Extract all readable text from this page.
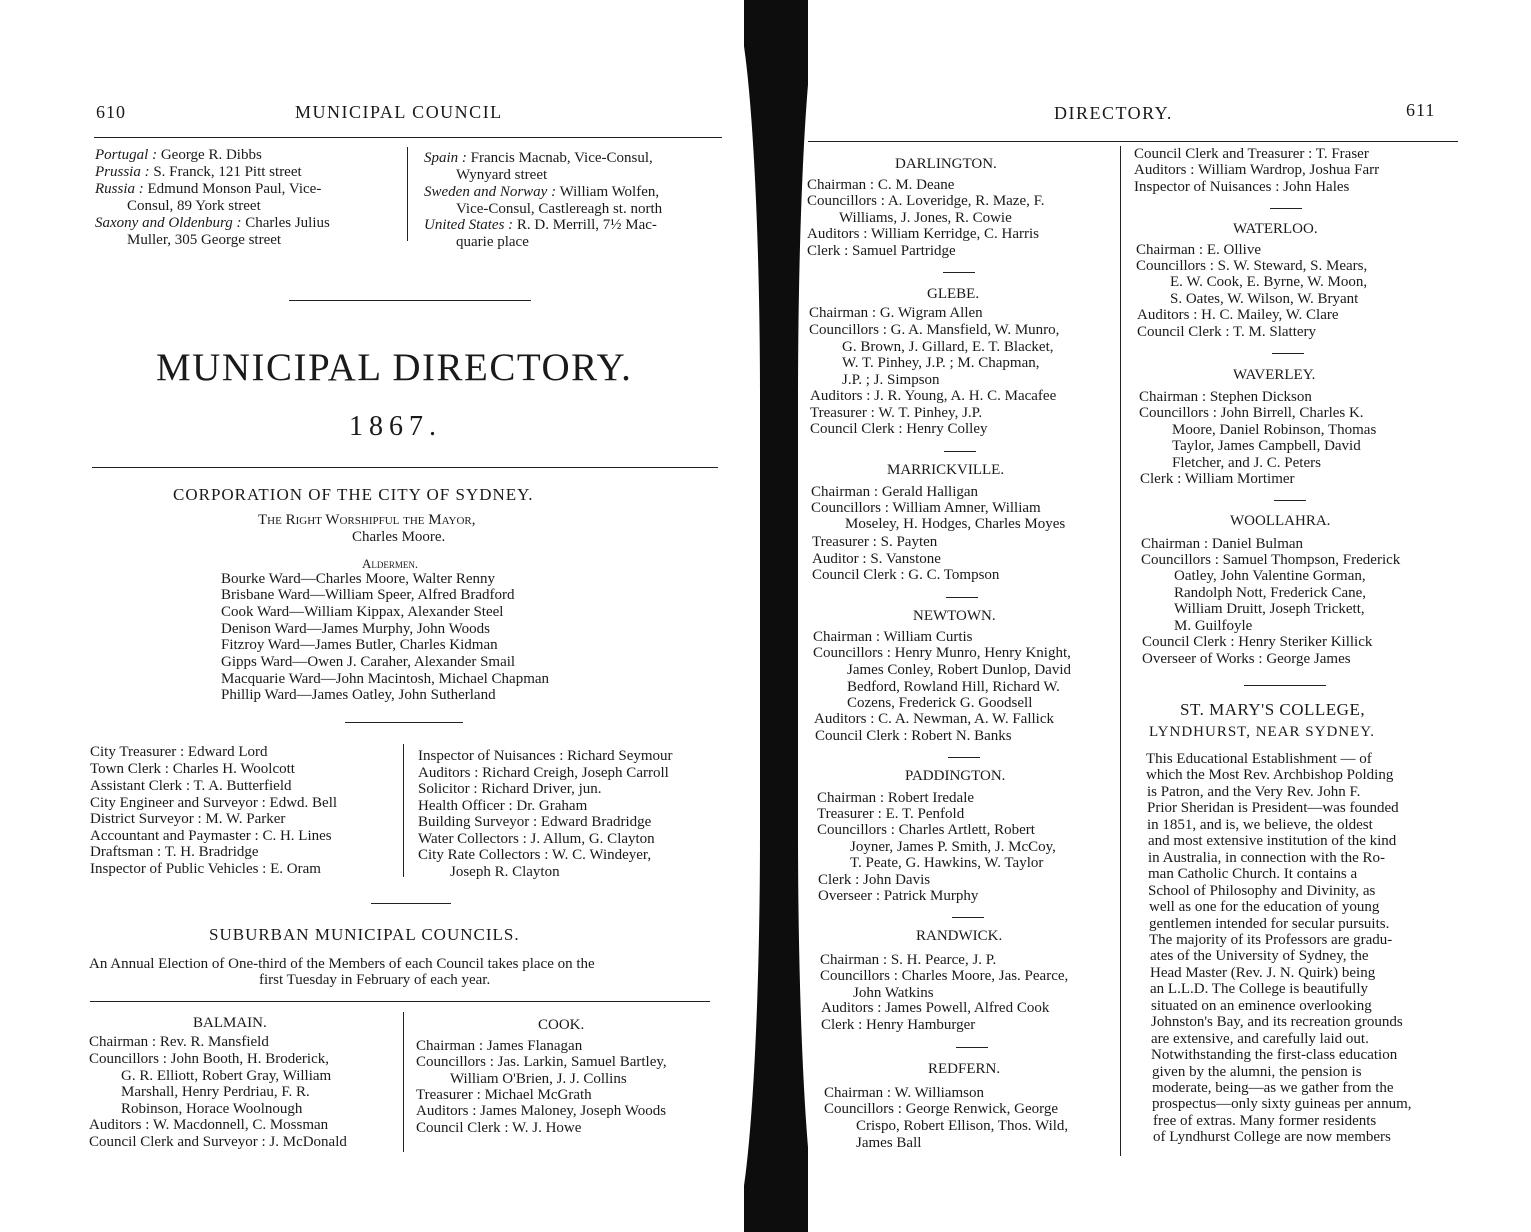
610	MUNICIPAL COUNCIL
Portugal : George R. Dibbs
Prussia : S. Franck, 121 Pitt street
Russia : Edmund Monson Paul, Vice-
Consul, 89 York street
Saxony and Oldenburg : Charles Julius
Muller, 305 George street
Spain : Francis Macnab, Vice-Consul,
Wynyard street
Sweden and Norway : William Wolfen,
Vice-Consul, Castlereagh st. north
United States : R. D. Merrill, 7½ Mac-
quarie place
MUNICIPAL DIRECTORY.
1867.
CORPORATION OF THE CITY OF SYDNEY.
The Right Worshipful the Mayor,
Charles Moore.
Aldermen.
Bourke Ward—Charles Moore, Walter Renny
Brisbane Ward—William Speer, Alfred Bradford
Cook Ward—William Kippax, Alexander Steel
Denison Ward—James Murphy, John Woods
Fitzroy Ward—James Butler, Charles Kidman
Gipps Ward—Owen J. Caraher, Alexander Smail
Macquarie Ward—John Macintosh, Michael Chapman
Phillip Ward—James Oatley, John Sutherland
City Treasurer : Edward Lord
Town Clerk : Charles H. Woolcott
Assistant Clerk : T. A. Butterfield
City Engineer and Surveyor : Edwd. Bell
District Surveyor : M. W. Parker
Accountant and Paymaster : C. H. Lines
Draftsman : T. H. Bradridge
Inspector of Public Vehicles : E. Oram
Inspector of Nuisances : Richard Seymour
Auditors : Richard Creigh, Joseph Carroll
Solicitor : Richard Driver, jun.
Health Officer : Dr. Graham
Building Surveyor : Edward Bradridge
Water Collectors : J. Allum, G. Clayton
City Rate Collectors : W. C. Windeyer,
Joseph R. Clayton
SUBURBAN MUNICIPAL COUNCILS.
An Annual Election of One-third of the Members of each Council takes place on the
first Tuesday in February of each year.
BALMAIN.
Chairman : Rev. R. Mansfield
Councillors : John Booth, H. Broderick,
G. R. Elliott, Robert Gray, William
Marshall, Henry Perdriau, F. R.
Robinson, Horace Woolnough
Auditors : W. Macdonnell, C. Mossman
Council Clerk and Surveyor : J. McDonald
COOK.
Chairman : James Flanagan
Councillors : Jas. Larkin, Samuel Bartley,
William O'Brien, J. J. Collins
Treasurer : Michael McGrath
Auditors : James Maloney, Joseph Woods
Council Clerk : W. J. Howe
DIRECTORY.	611
DARLINGTON.
Chairman : C. M. Deane
Councillors : A. Loveridge, R. Maze, F.
Williams, J. Jones, R. Cowie
Auditors : William Kerridge, C. Harris
Clerk : Samuel Partridge
GLEBE.
Chairman : G. Wigram Allen
Councillors : G. A. Mansfield, W. Munro,
G. Brown, J. Gillard, E. T. Blacket,
W. T. Pinhey, J.P. ; M. Chapman,
J.P. ; J. Simpson
Auditors : J. R. Young, A. H. C. Macafee
Treasurer : W. T. Pinhey, J.P.
Council Clerk : Henry Colley
MARRICKVILLE.
Chairman : Gerald Halligan
Councillors : William Amner, William
Moseley, H. Hodges, Charles Moyes
Treasurer : S. Payten
Auditor : S. Vanstone
Council Clerk : G. C. Tompson
NEWTOWN.
Chairman : William Curtis
Councillors : Henry Munro, Henry Knight,
James Conley, Robert Dunlop, David
Bedford, Rowland Hill, Richard W.
Cozens, Frederick G. Goodsell
Auditors : C. A. Newman, A. W. Fallick
Council Clerk : Robert N. Banks
PADDINGTON.
Chairman : Robert Iredale
Treasurer : E. T. Penfold
Councillors : Charles Artlett, Robert
Joyner, James P. Smith, J. McCoy,
T. Peate, G. Hawkins, W. Taylor
Clerk : John Davis
Overseer : Patrick Murphy
RANDWICK.
Chairman : S. H. Pearce, J. P.
Councillors : Charles Moore, Jas. Pearce,
John Watkins
Auditors : James Powell, Alfred Cook
Clerk : Henry Hamburger
REDFERN.
Chairman : W. Williamson
Councillors : George Renwick, George
Crispo, Robert Ellison, Thos. Wild,
James Ball
Council Clerk and Treasurer : T. Fraser
Auditors : William Wardrop, Joshua Farr
Inspector of Nuisances : John Hales
WATERLOO.
Chairman : E. Ollive
Councillors : S. W. Steward, S. Mears,
E. W. Cook, E. Byrne, W. Moon,
S. Oates, W. Wilson, W. Bryant
Auditors : H. C. Mailey, W. Clare
Council Clerk : T. M. Slattery
WAVERLEY.
Chairman : Stephen Dickson
Councillors : John Birrell, Charles K.
Moore, Daniel Robinson, Thomas
Taylor, James Campbell, David
Fletcher, and J. C. Peters
Clerk : William Mortimer
WOOLLAHRA.
Chairman : Daniel Bulman
Councillors : Samuel Thompson, Frederick
Oatley, John Valentine Gorman,
Randolph Nott, Frederick Cane,
William Druitt, Joseph Trickett,
M. Guilfoyle
Council Clerk : Henry Steriker Killick
Overseer of Works : George James
ST. MARY'S COLLEGE,
LYNDHURST, NEAR SYDNEY.
This Educational Establishment — of
which the Most Rev. Archbishop Polding
is Patron, and the Very Rev. John F.
Prior Sheridan is President—was founded
in 1851, and is, we believe, the oldest
and most extensive institution of the kind
in Australia, in connection with the Ro-
man Catholic Church. It contains a
School of Philosophy and Divinity, as
well as one for the education of young
gentlemen intended for secular pursuits.
The majority of its Professors are gradu-
ates of the University of Sydney, the
Head Master (Rev. J. N. Quirk) being
an L.L.D. The College is beautifully
situated on an eminence overlooking
Johnston's Bay, and its recreation grounds
are extensive, and carefully laid out.
Notwithstanding the first-class education
given by the alumni, the pension is
moderate, being—as we gather from the
prospectus—only sixty guineas per annum,
free of extras. Many former residents
of Lyndhurst College are now members
